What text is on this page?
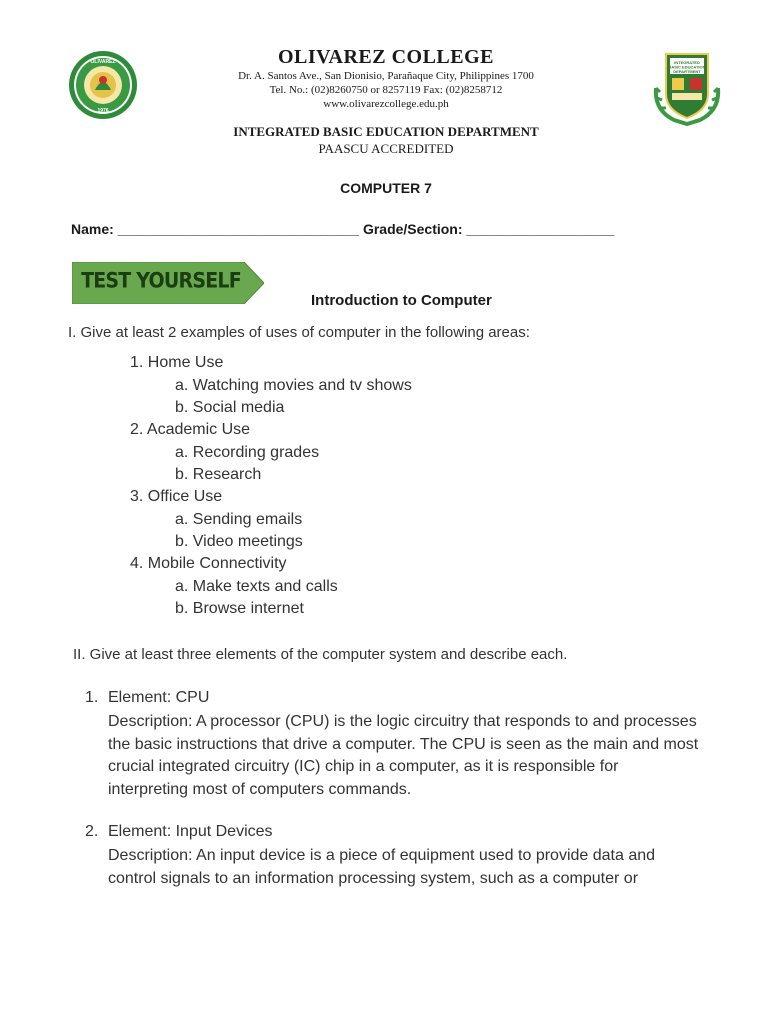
OLIVAREZ
1976
INTEGRATED
BASIC EDUCATION
DEPARTMENT
OLIVAREZ COLLEGE
Dr. A. Santos Ave., San Dionisio, Parañaque City, Philippines 1700
Tel. No.: (02)8260750 or 8257119 Fax: (02)8258712
www.olivarezcollege.edu.ph
INTEGRATED BASIC EDUCATION DEPARTMENT
PAASCU ACCREDITED
COMPUTER 7
Name: _______________________________ Grade/Section: ___________________
TEST YOURSELF
Introduction to Computer
I. Give at least 2 examples of uses of computer in the following areas:
1. Home Use
a. Watching movies and tv shows
b. Social media
2. Academic Use
a. Recording grades
b. Research
3. Office Use
a. Sending emails
b. Video meetings
4. Mobile Connectivity
a. Make texts and calls
b. Browse internet
II. Give at least three elements of the computer system and describe each.
1. Element: CPU
Description: A processor (CPU) is the logic circuitry that responds to and processes
the basic instructions that drive a computer. The CPU is seen as the main and most
crucial integrated circuitry (IC) chip in a computer, as it is responsible for
interpreting most of computers commands.
2. Element: Input Devices
Description: An input device is a piece of equipment used to provide data and
control signals to an information processing system, such as a computer or
